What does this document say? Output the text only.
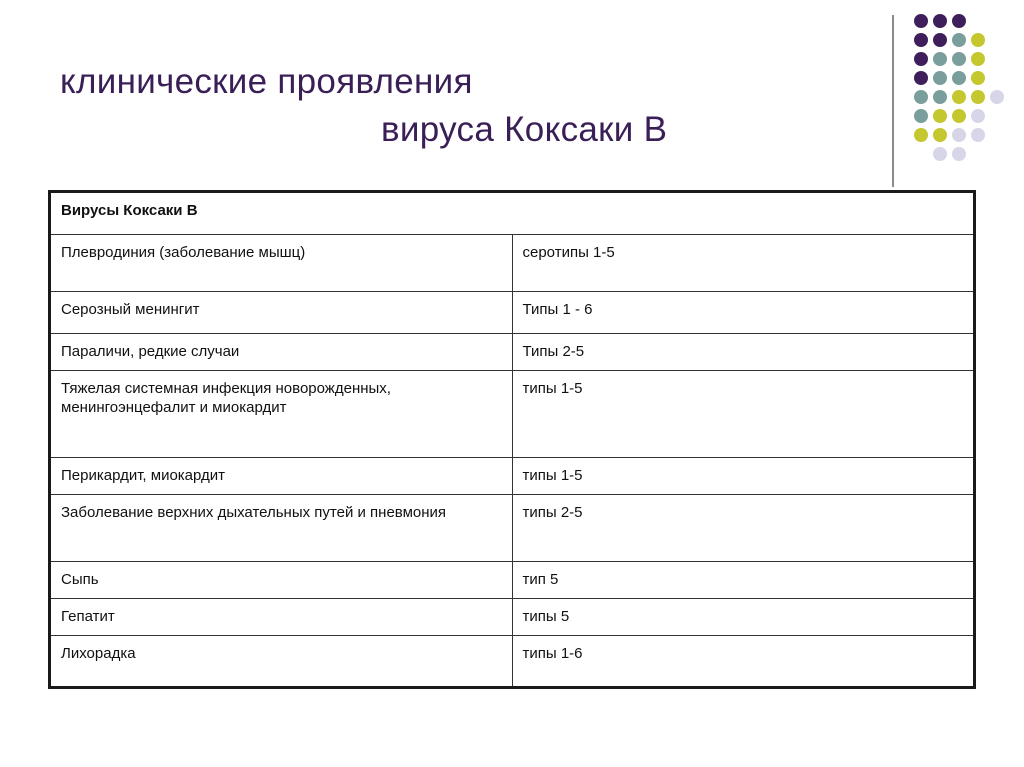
клинические проявления
вируса Коксаки В
Вирусы Коксаки В	
Плевродиния (заболевание мышц)	серотипы 1-5
Серозный менингит	Типы 1 - 6
Параличи, редкие случаи	Типы 2-5
Тяжелая системная инфекция новорожденных, менингоэнцефалит и миокардит	типы 1-5
Перикардит, миокардит	типы 1-5
Заболевание верхних дыхательных путей и пневмония	типы 2-5
Сыпь	тип 5
Гепатит	типы 5
Лихорадка	типы 1-6
